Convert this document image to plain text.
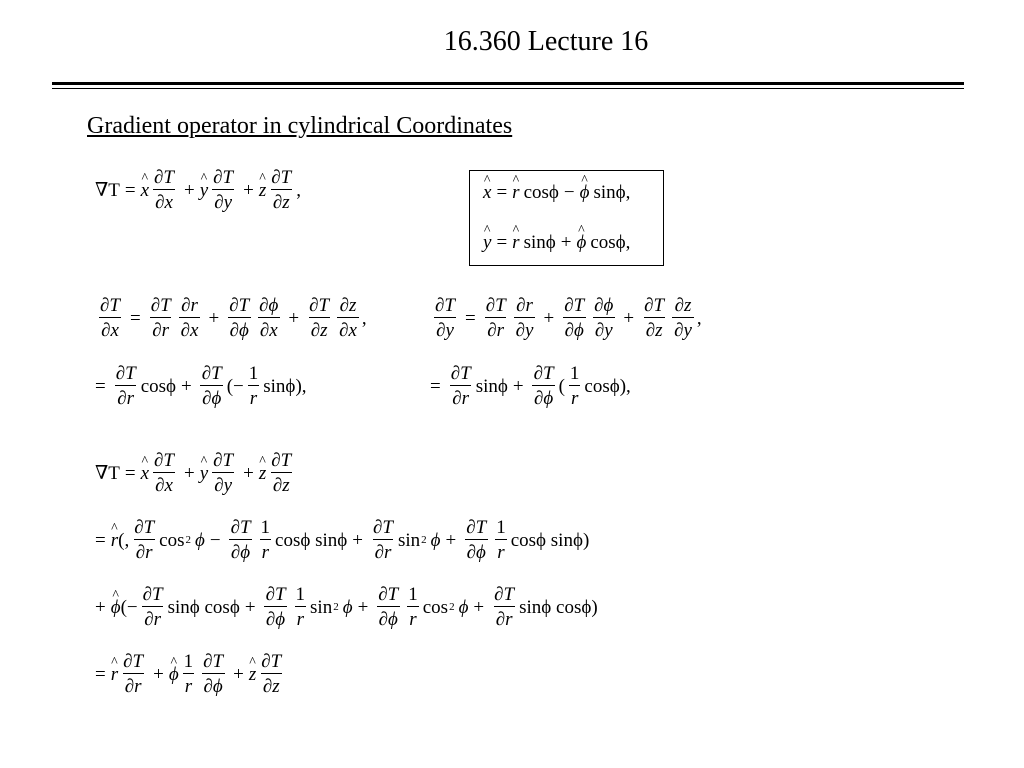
16.360 Lecture 16
Gradient operator in cylindrical Coordinates
∇T = ^ x $\frac{\partial T}{\partial x}$ + ^ y $\frac{\partial T}{\partial y}$ + ^ z $\frac{\partial T}{\partial z}$ ,	^ x = ^ r cosϕ − ^ ϕ sinϕ,
^ y = ^ r sinϕ + ^ ϕ cosϕ,
$\frac{\partial T}{\partial x} = \frac{\partial T}{\partial r} \frac{\partial r}{\partial x} + \frac{\partial T}{\partial\phi} \frac{\partial\phi}{\partial x} + \frac{\partial T}{\partial z} \frac{\partial z}{\partial x}$ ,	$\frac{\partial T}{\partial y} = \frac{\partial T}{\partial r} \frac{\partial r}{\partial y} + \frac{\partial T}{\partial\phi} \frac{\partial\phi}{\partial y} + \frac{\partial T}{\partial z} \frac{\partial z}{\partial y}$ ,
= $\frac{\partial T}{\partial r}$ $\cos\phi + \frac{\partial T}{\partial\phi}$ (− $\frac{1}{r}$ sinϕ ),	= $\frac{\partial T}{\partial r}$ $\sin\phi + \frac{\partial T}{\partial\phi}$ ( $\frac{1}{r}$ cosϕ ),
∇T = ^ x $\frac{\partial T}{\partial x}$ + ^ y $\frac{\partial T}{\partial y}$ + ^ z $\frac{\partial T}{\partial z}$
= ^ r (, $\frac{\partial T}{\partial r}$ cos 2 $\phi - \frac{\partial T}{\partial\phi} \frac{1}{r}$ cosϕ $\sin\phi + \frac{\partial T}{\partial r}$ sin 2 $\phi + \frac{\partial T}{\partial\phi} \frac{1}{r}$ cosϕ sinϕ )
+ ^ ϕ (− $\frac{\partial T}{\partial r}$ sinϕ $\cos\phi + \frac{\partial T}{\partial\phi} \frac{1}{r}$ sin 2 $\phi + \frac{\partial T}{\partial\phi} \frac{1}{r}$ cos 2 $\phi + \frac{\partial T}{\partial r}$ sinϕ cosϕ )
= ^ r $\frac{\partial T}{\partial r}$ + ^ ϕ $\frac{1}{r} \frac{\partial T}{\partial\phi}$ + ^ z $\frac{\partial T}{\partial z}$
